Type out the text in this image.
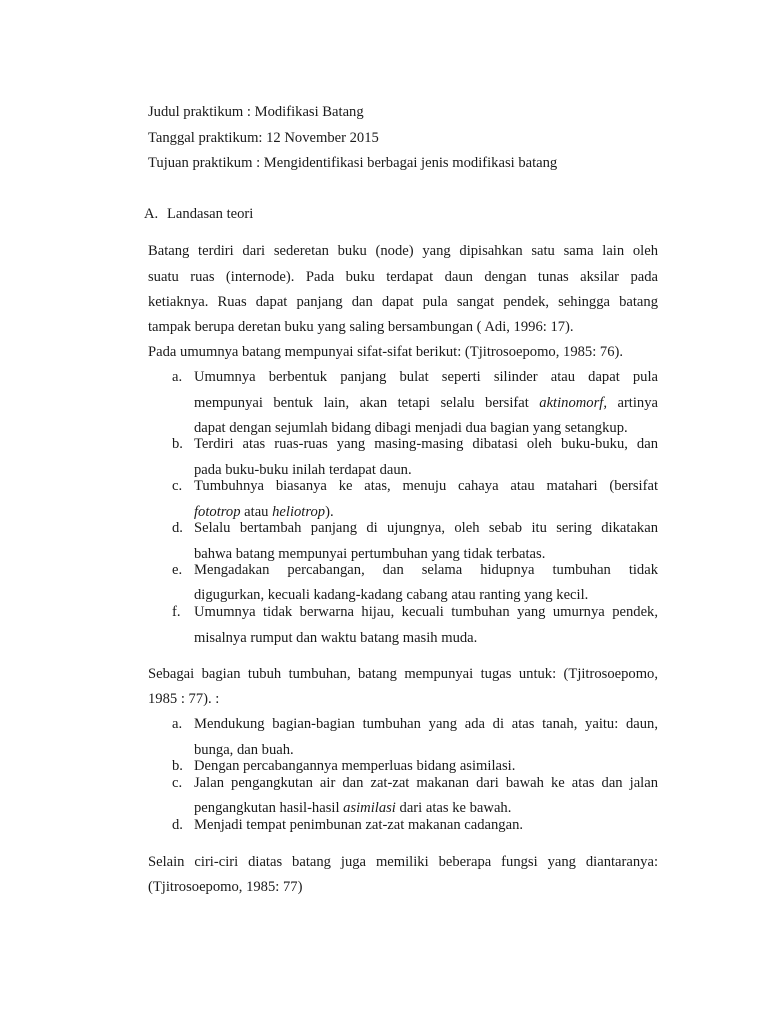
Judul praktikum : Modifikasi Batang
Tanggal praktikum: 12 November 2015
Tujuan praktikum : Mengidentifikasi berbagai jenis modifikasi batang
A. Landasan teori
Batang terdiri dari sederetan buku (node) yang dipisahkan satu sama lain oleh
suatu ruas (internode). Pada buku terdapat daun dengan tunas aksilar pada
ketiaknya. Ruas dapat panjang dan dapat pula sangat pendek, sehingga batang
tampak berupa deretan buku yang saling bersambungan ( Adi, 1996: 17).
Pada umumnya batang mempunyai sifat-sifat berikut: (Tjitrosoepomo, 1985: 76).
a. Umumnya berbentuk panjang bulat seperti silinder atau dapat pula
mempunyai bentuk lain, akan tetapi selalu bersifat aktinomorf, artinya
dapat dengan sejumlah bidang dibagi menjadi dua bagian yang setangkup.
b. Terdiri atas ruas-ruas yang masing-masing dibatasi oleh buku-buku, dan
pada buku-buku inilah terdapat daun.
c. Tumbuhnya biasanya ke atas, menuju cahaya atau matahari (bersifat
fototrop atau heliotrop).
d. Selalu bertambah panjang di ujungnya, oleh sebab itu sering dikatakan
bahwa batang mempunyai pertumbuhan yang tidak terbatas.
e. Mengadakan percabangan, dan selama hidupnya tumbuhan tidak
digugurkan, kecuali kadang-kadang cabang atau ranting yang kecil.
f. Umumnya tidak berwarna hijau, kecuali tumbuhan yang umurnya pendek,
misalnya rumput dan waktu batang masih muda.
Sebagai bagian tubuh tumbuhan, batang mempunyai tugas untuk: (Tjitrosoepomo,
1985 : 77). :
a. Mendukung bagian-bagian tumbuhan yang ada di atas tanah, yaitu: daun,
bunga, dan buah.
b. Dengan percabangannya memperluas bidang asimilasi.
c. Jalan pengangkutan air dan zat-zat makanan dari bawah ke atas dan jalan
pengangkutan hasil-hasil asimilasi dari atas ke bawah.
d. Menjadi tempat penimbunan zat-zat makanan cadangan.
Selain ciri-ciri diatas batang juga memiliki beberapa fungsi yang diantaranya:
(Tjitrosoepomo, 1985: 77)
